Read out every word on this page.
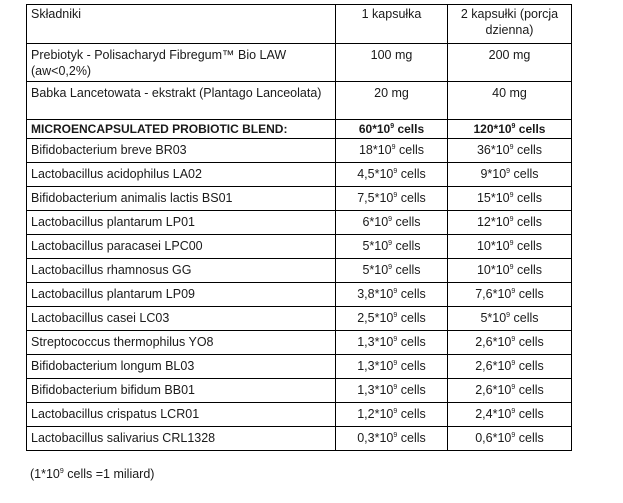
Składniki	1 kapsułka	2 kapsułki (porcja dzienna)
Prebiotyk - Polisacharyd Fibregum™ Bio LAW (aw<0,2%)	100 mg	200 mg
Babka Lancetowata - ekstrakt (Plantago Lanceolata)	20 mg	40 mg
MICROENCAPSULATED PROBIOTIC BLEND:	$60*10^9$ cells	$120*10^9$ cells
Bifidobacterium breve BR03	$18*10^9$ cells	$36*10^9$ cells
Lactobacillus acidophilus LA02	$4,5*10^9$ cells	$9*10^9$ cells
Bifidobacterium animalis lactis BS01	$7,5*10^9$ cells	$15*10^9$ cells
Lactobacillus plantarum LP01	$6*10^9$ cells	$12*10^9$ cells
Lactobacillus paracasei LPC00	$5*10^9$ cells	$10*10^9$ cells
Lactobacillus rhamnosus GG	$5*10^9$ cells	$10*10^9$ cells
Lactobacillus plantarum LP09	$3,8*10^9$ cells	$7,6*10^9$ cells
Lactobacillus casei LC03	$2,5*10^9$ cells	$5*10^9$ cells
Streptococcus thermophilus YO8	$1,3*10^9$ cells	$2,6*10^9$ cells
Bifidobacterium longum BL03	$1,3*10^9$ cells	$2,6*10^9$ cells
Bifidobacterium bifidum BB01	$1,3*10^9$ cells	$2,6*10^9$ cells
Lactobacillus crispatus LCR01	$1,2*10^9$ cells	$2,4*10^9$ cells
Lactobacillus salivarius CRL1328	$0,3*10^9$ cells	$0,6*10^9$ cells
($1*10^9$ cells =1 miliard)
